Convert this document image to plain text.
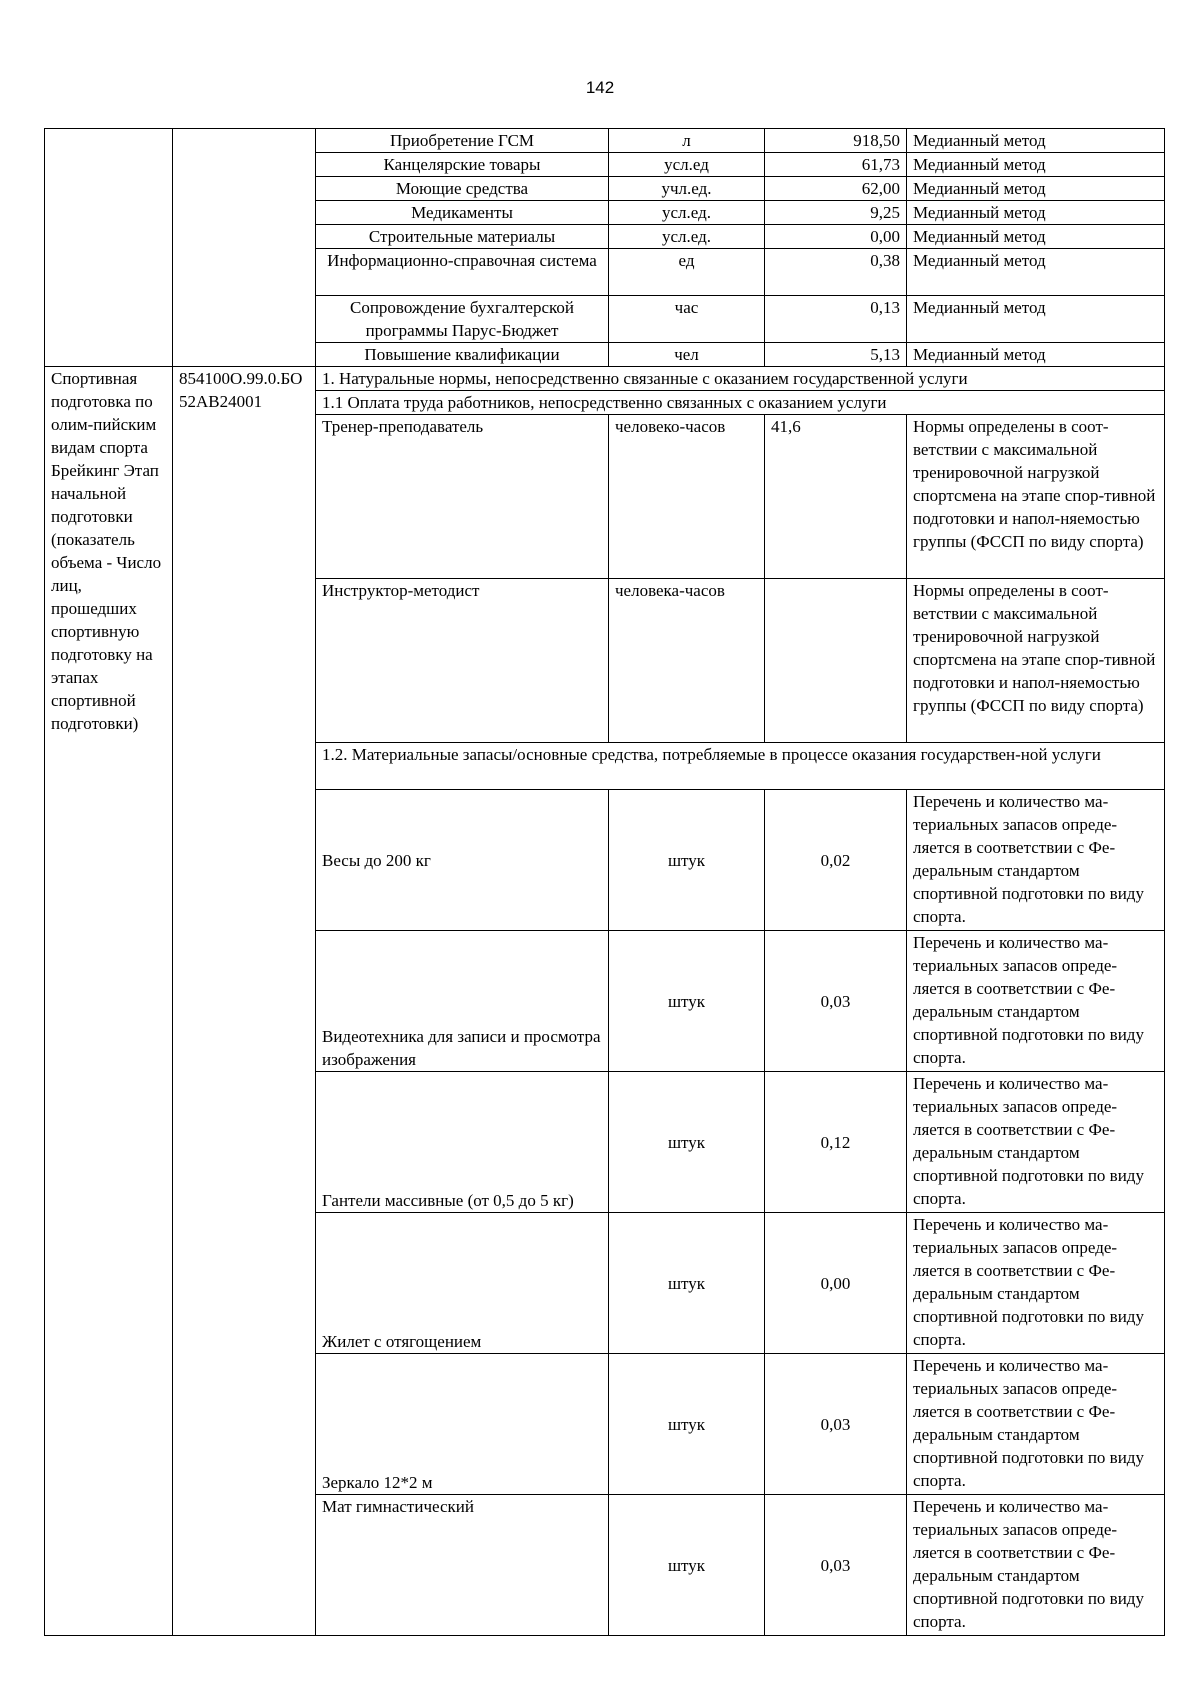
142
		Приобретение ГСМ	л	918,50	Медианный метод
		Канцелярские товары	усл.ед	61,73	Медианный метод
		Моющие средства	учл.ед.	62,00	Медианный метод
		Медикаменты	усл.ед.	9,25	Медианный метод
		Строительные материалы	усл.ед.	0,00	Медианный метод
		Информационно-справочная система	ед	0,38	Медианный метод
		Сопровождение бухгалтерской программы Парус-Бюджет	час	0,13	Медианный метод
		Повышение квалификации	чел	5,13	Медианный метод
Спортивная подготовка по олим-пийским видам спорта Брейкинг Этап начальной подготовки (показатель объема - Число лиц, прошедших спортивную подготовку на этапах спортивной подготовки)	854100О.99.0.БО52АВ24001	1. Натуральные нормы, непосредственно связанные с оказанием государственной услуги			
		1.1 Оплата труда работников, непосредственно связанных с оказанием услуги			
		Тренер-преподаватель	человеко-часов	41,6	Нормы определены в соот-ветствии с максимальной тренировочной нагрузкой спортсмена на этапе спор-тивной подготовки и напол-няемостью группы (ФССП по виду спорта)
		Инструктор-методист	человека-часов		Нормы определены в соот-ветствии с максимальной тренировочной нагрузкой спортсмена на этапе спор-тивной подготовки и напол-няемостью группы (ФССП по виду спорта)
		1.2. Материальные запасы/основные средства, потребляемые в процессе оказания государствен-ной услуги			
		Весы до 200 кг	штук	0,02	Перечень и количество ма-териальных запасов опреде-ляется в соответствии с Фе-деральным стандартом спортивной подготовки по виду спорта.
		Видеотехника для записи и просмотра изображения	штук	0,03	Перечень и количество ма-териальных запасов опреде-ляется в соответствии с Фе-деральным стандартом спортивной подготовки по виду спорта.
		Гантели массивные (от 0,5 до 5 кг)	штук	0,12	Перечень и количество ма-териальных запасов опреде-ляется в соответствии с Фе-деральным стандартом спортивной подготовки по виду спорта.
		Жилет с отягощением	штук	0,00	Перечень и количество ма-териальных запасов опреде-ляется в соответствии с Фе-деральным стандартом спортивной подготовки по виду спорта.
		Зеркало 12*2 м	штук	0,03	Перечень и количество ма-териальных запасов опреде-ляется в соответствии с Фе-деральным стандартом спортивной подготовки по виду спорта.
		Мат гимнастический	штук	0,03	Перечень и количество ма-териальных запасов опреде-ляется в соответствии с Фе-деральным стандартом спортивной подготовки по виду спорта.
